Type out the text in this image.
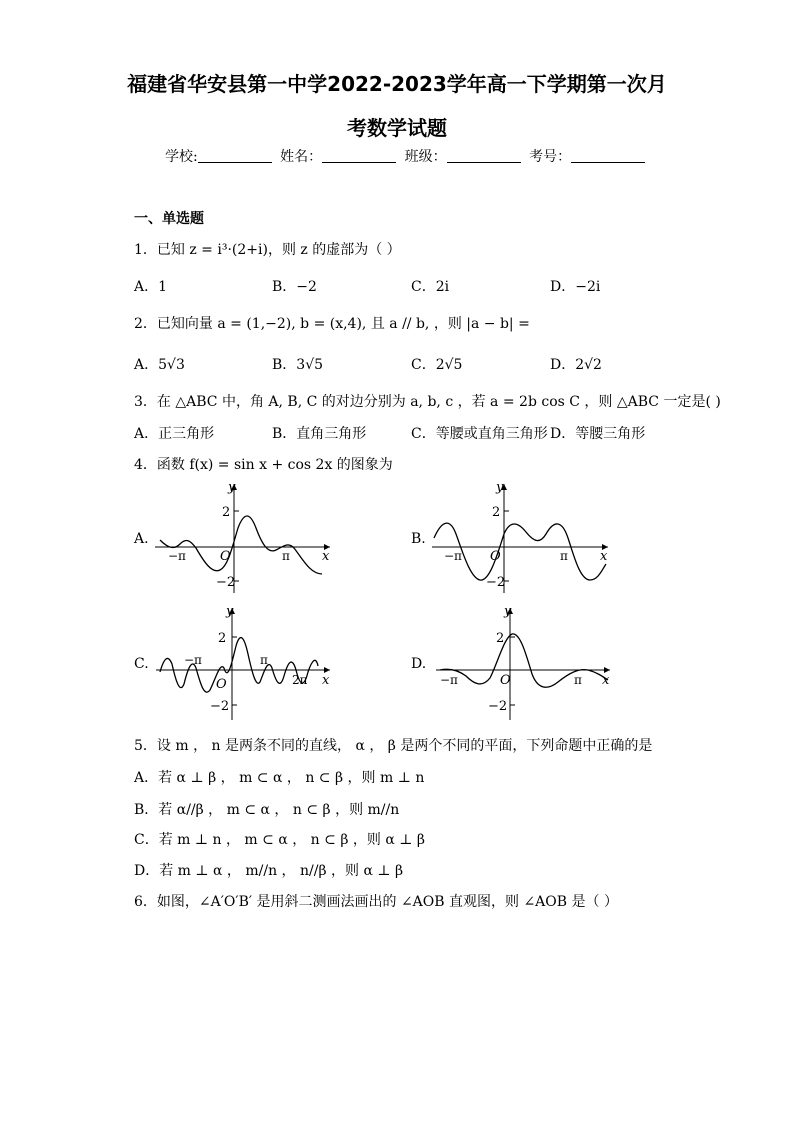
福建省华安县第一中学2022-2023学年高一下学期第一次月
考数学试题
学校:	姓名：	班级：	考号：
一、单选题
1．已知 z = i³·(2+i)，则 z 的虚部为（ ）
A．1	B．−2	C．2i	D．−2i
2．已知向量 a = (1,−2), b = (x,4), 且 a // b, ，则 |a − b| =
A．5√3	B．3√5	C．2√5	D．2√2
3．在 △ABC 中，角 A, B, C 的对边分别为 a, b, c ，若 a = 2b cos C ，则 △ABC 一定是( )
A．正三角形	B．直角三角形	C．等腰或直角三角形 D．等腰三角形
4．函数 f(x) = sin x + cos 2x 的图象为
A.	B.
C.	D.
y
x
O
2
−2
−π	π
y
x
O
2
−2
−π	π
y
x
O
2
−2
−π	π
2π
y
x
O
2
−2
−π	π
5．设 m ， n 是两条不同的直线， α ， β 是两个不同的平面，下列命题中正确的是
A．若 α ⊥ β ， m ⊂ α ， n ⊂ β ，则 m ⊥ n
B．若 α//β ， m ⊂ α ， n ⊂ β ，则 m//n
C．若 m ⊥ n ， m ⊂ α ， n ⊂ β ，则 α ⊥ β
D．若 m ⊥ α ， m//n ， n//β ，则 α ⊥ β
6．如图，∠A′O′B′ 是用斜二测画法画出的 ∠AOB 直观图，则 ∠AOB 是（ ）
